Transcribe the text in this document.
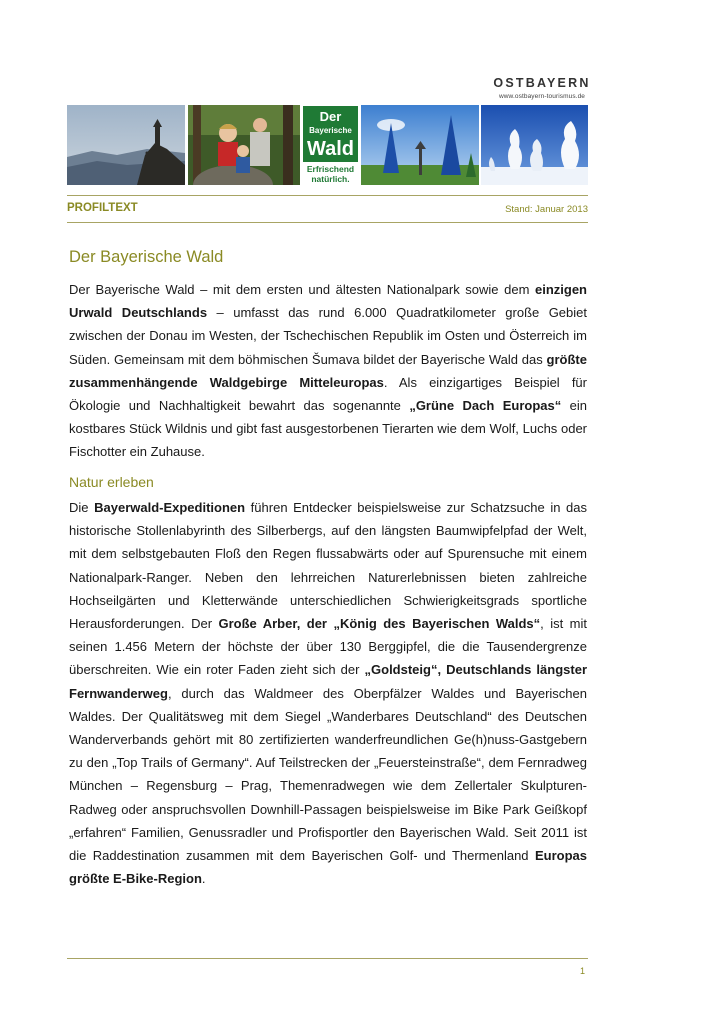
OSTBAYERN
www.ostbayern-tourismus.de
Der
Bayerische
Wald
Erfrischend
natürlich.
PROFILTEXT	Stand: Januar 2013
Der Bayerische Wald

Der Bayerische Wald – mit dem ersten und ältesten Nationalpark sowie dem einzigen Urwald Deutschlands – umfasst das rund 6.000 Quadratkilometer große Gebiet zwischen der Donau im Westen, der Tschechischen Republik im Osten und Österreich im Süden. Gemeinsam mit dem böhmischen Šumava bildet der Bayerische Wald das größte zusammenhängende Waldgebirge Mitteleuropas. Als einzigartiges Beispiel für Ökologie und Nachhaltigkeit bewahrt das sogenannte „Grüne Dach Europas“ ein kostbares Stück Wildnis und gibt fast ausgestorbenen Tierarten wie dem Wolf, Luchs oder Fischotter ein Zuhause.

Natur erleben

Die Bayerwald-Expeditionen führen Entdecker beispielsweise zur Schatzsuche in das historische Stollenlabyrinth des Silberbergs, auf den längsten Baumwipfelpfad der Welt, mit dem selbstgebauten Floß den Regen flussabwärts oder auf Spurensuche mit einem Nationalpark-Ranger. Neben den lehrreichen Naturerlebnissen bieten zahlreiche Hochseilgärten und Kletterwände unterschiedlichen Schwierigkeitsgrads sportliche Herausforderungen. Der Große Arber, der „König des Bayerischen Walds“, ist mit seinen 1.456 Metern der höchste der über 130 Berggipfel, die die Tausendergrenze überschreiten. Wie ein roter Faden zieht sich der „Goldsteig“, Deutschlands längster Fernwanderweg, durch das Waldmeer des Oberpfälzer Waldes und Bayerischen Waldes. Der Qualitätsweg mit dem Siegel „Wanderbares Deutschland“ des Deutschen Wanderverbands gehört mit 80 zertifizierten wanderfreundlichen Ge(h)nuss-Gastgebern zu den „Top Trails of Germany“. Auf Teilstrecken der „Feuersteinstraße“, dem Fernradweg München – Regensburg – Prag, Themenradwegen wie dem Zellertaler Skulpturen-Radweg oder anspruchsvollen Downhill-Passagen beispielsweise im Bike Park Geißkopf „erfahren“ Familien, Genussradler und Profisportler den Bayerischen Wald. Seit 2011 ist die Raddestination zusammen mit dem Bayerischen Golf- und Thermenland Europas größte E-Bike-Region.

1
